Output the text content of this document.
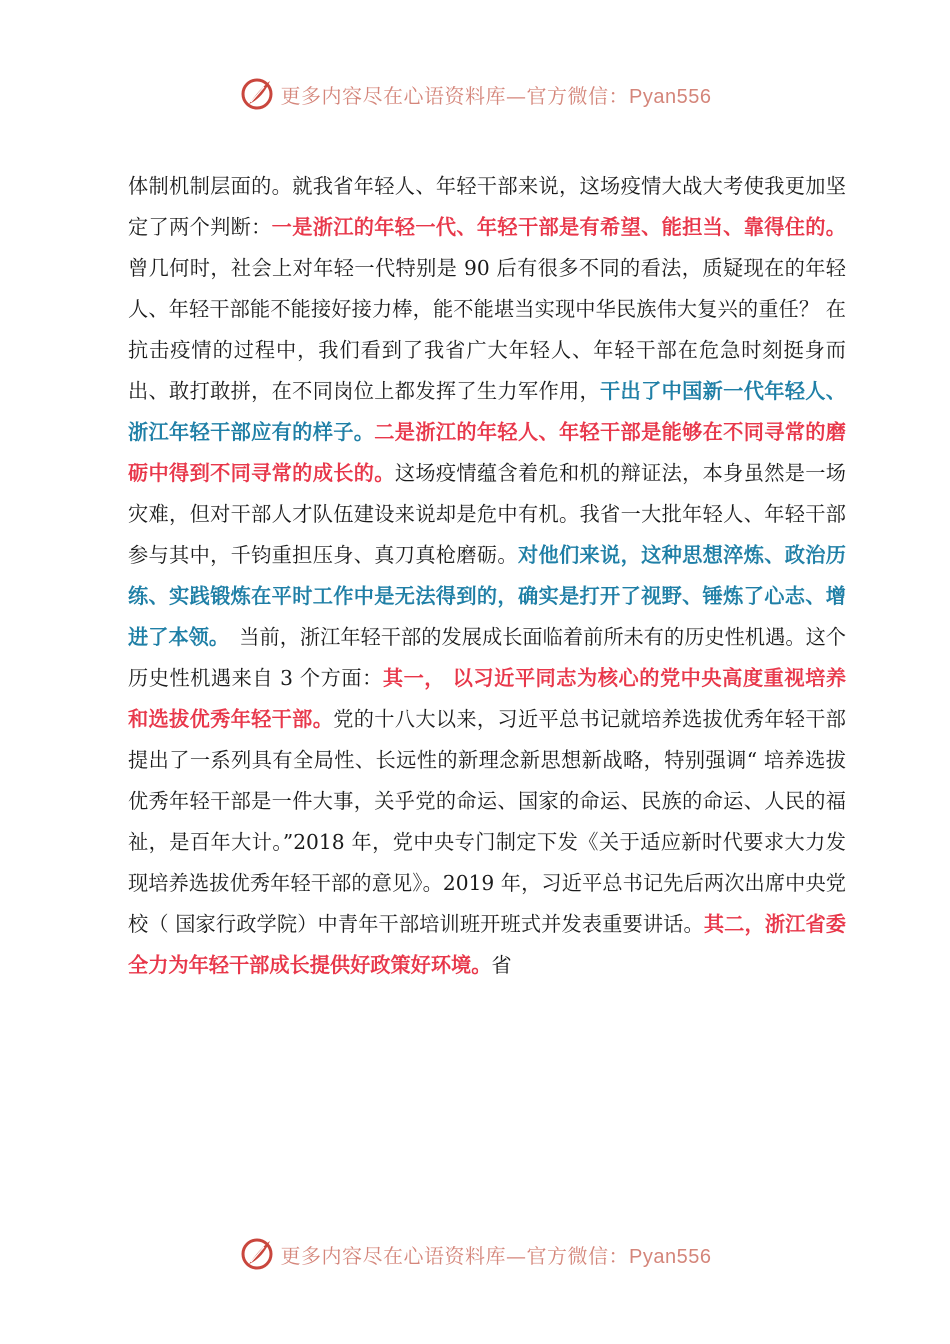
更多内容尽在心语资料库—官方微信：Pyan556

体制机制层面的。就我省年轻人、年轻干部来说，这场疫情大战大考使我更加坚定了两个判断：一是浙江的年轻一代、年轻干部是有希望、能担当、靠得住的。曾几何时，社会上对年轻一代特别是 90 后有很多不同的看法，质疑现在的年轻人、年轻干部能不能接好接力棒，能不能堪当实现中华民族伟大复兴的重任？ 在抗击疫情的过程中，我们看到了我省广大年轻人、年轻干部在危急时刻挺身而出、敢打敢拼，在不同岗位上都发挥了生力军作用，干出了中国新一代年轻人、浙江年轻干部应有的样子。二是浙江的年轻人、年轻干部是能够在不同寻常的磨砺中得到不同寻常的成长的。这场疫情蕴含着危和机的辩证法，本身虽然是一场灾难，但对干部人才队伍建设来说却是危中有机。我省一大批年轻人、年轻干部参与其中，千钧重担压身、真刀真枪磨砺。对他们来说，这种思想淬炼、政治历练、实践锻炼在平时工作中是无法得到的，确实是打开了视野、锤炼了心志、增进了本领。　当前，浙江年轻干部的发展成长面临着前所未有的历史性机遇。这个历史性机遇来自 3 个方面：其一， 以习近平同志为核心的党中央高度重视培养和选拔优秀年轻干部。党的十八大以来，习近平总书记就培养选拔优秀年轻干部提出了一系列具有全局性、长远性的新理念新思想新战略，特别强调“ 培养选拔优秀年轻干部是一件大事，关乎党的命运、国家的命运、民族的命运、人民的福祉，是百年大计。”2018 年，党中央专门制定下发《关于适应新时代要求大力发现培养选拔优秀年轻干部的意见》。2019 年，习近平总书记先后两次出席中央党校（ 国家行政学院）中青年干部培训班开班式并发表重要讲话。其二，浙江省委全力为年轻干部成长提供好政策好环境。省

更多内容尽在心语资料库—官方微信：Pyan556
